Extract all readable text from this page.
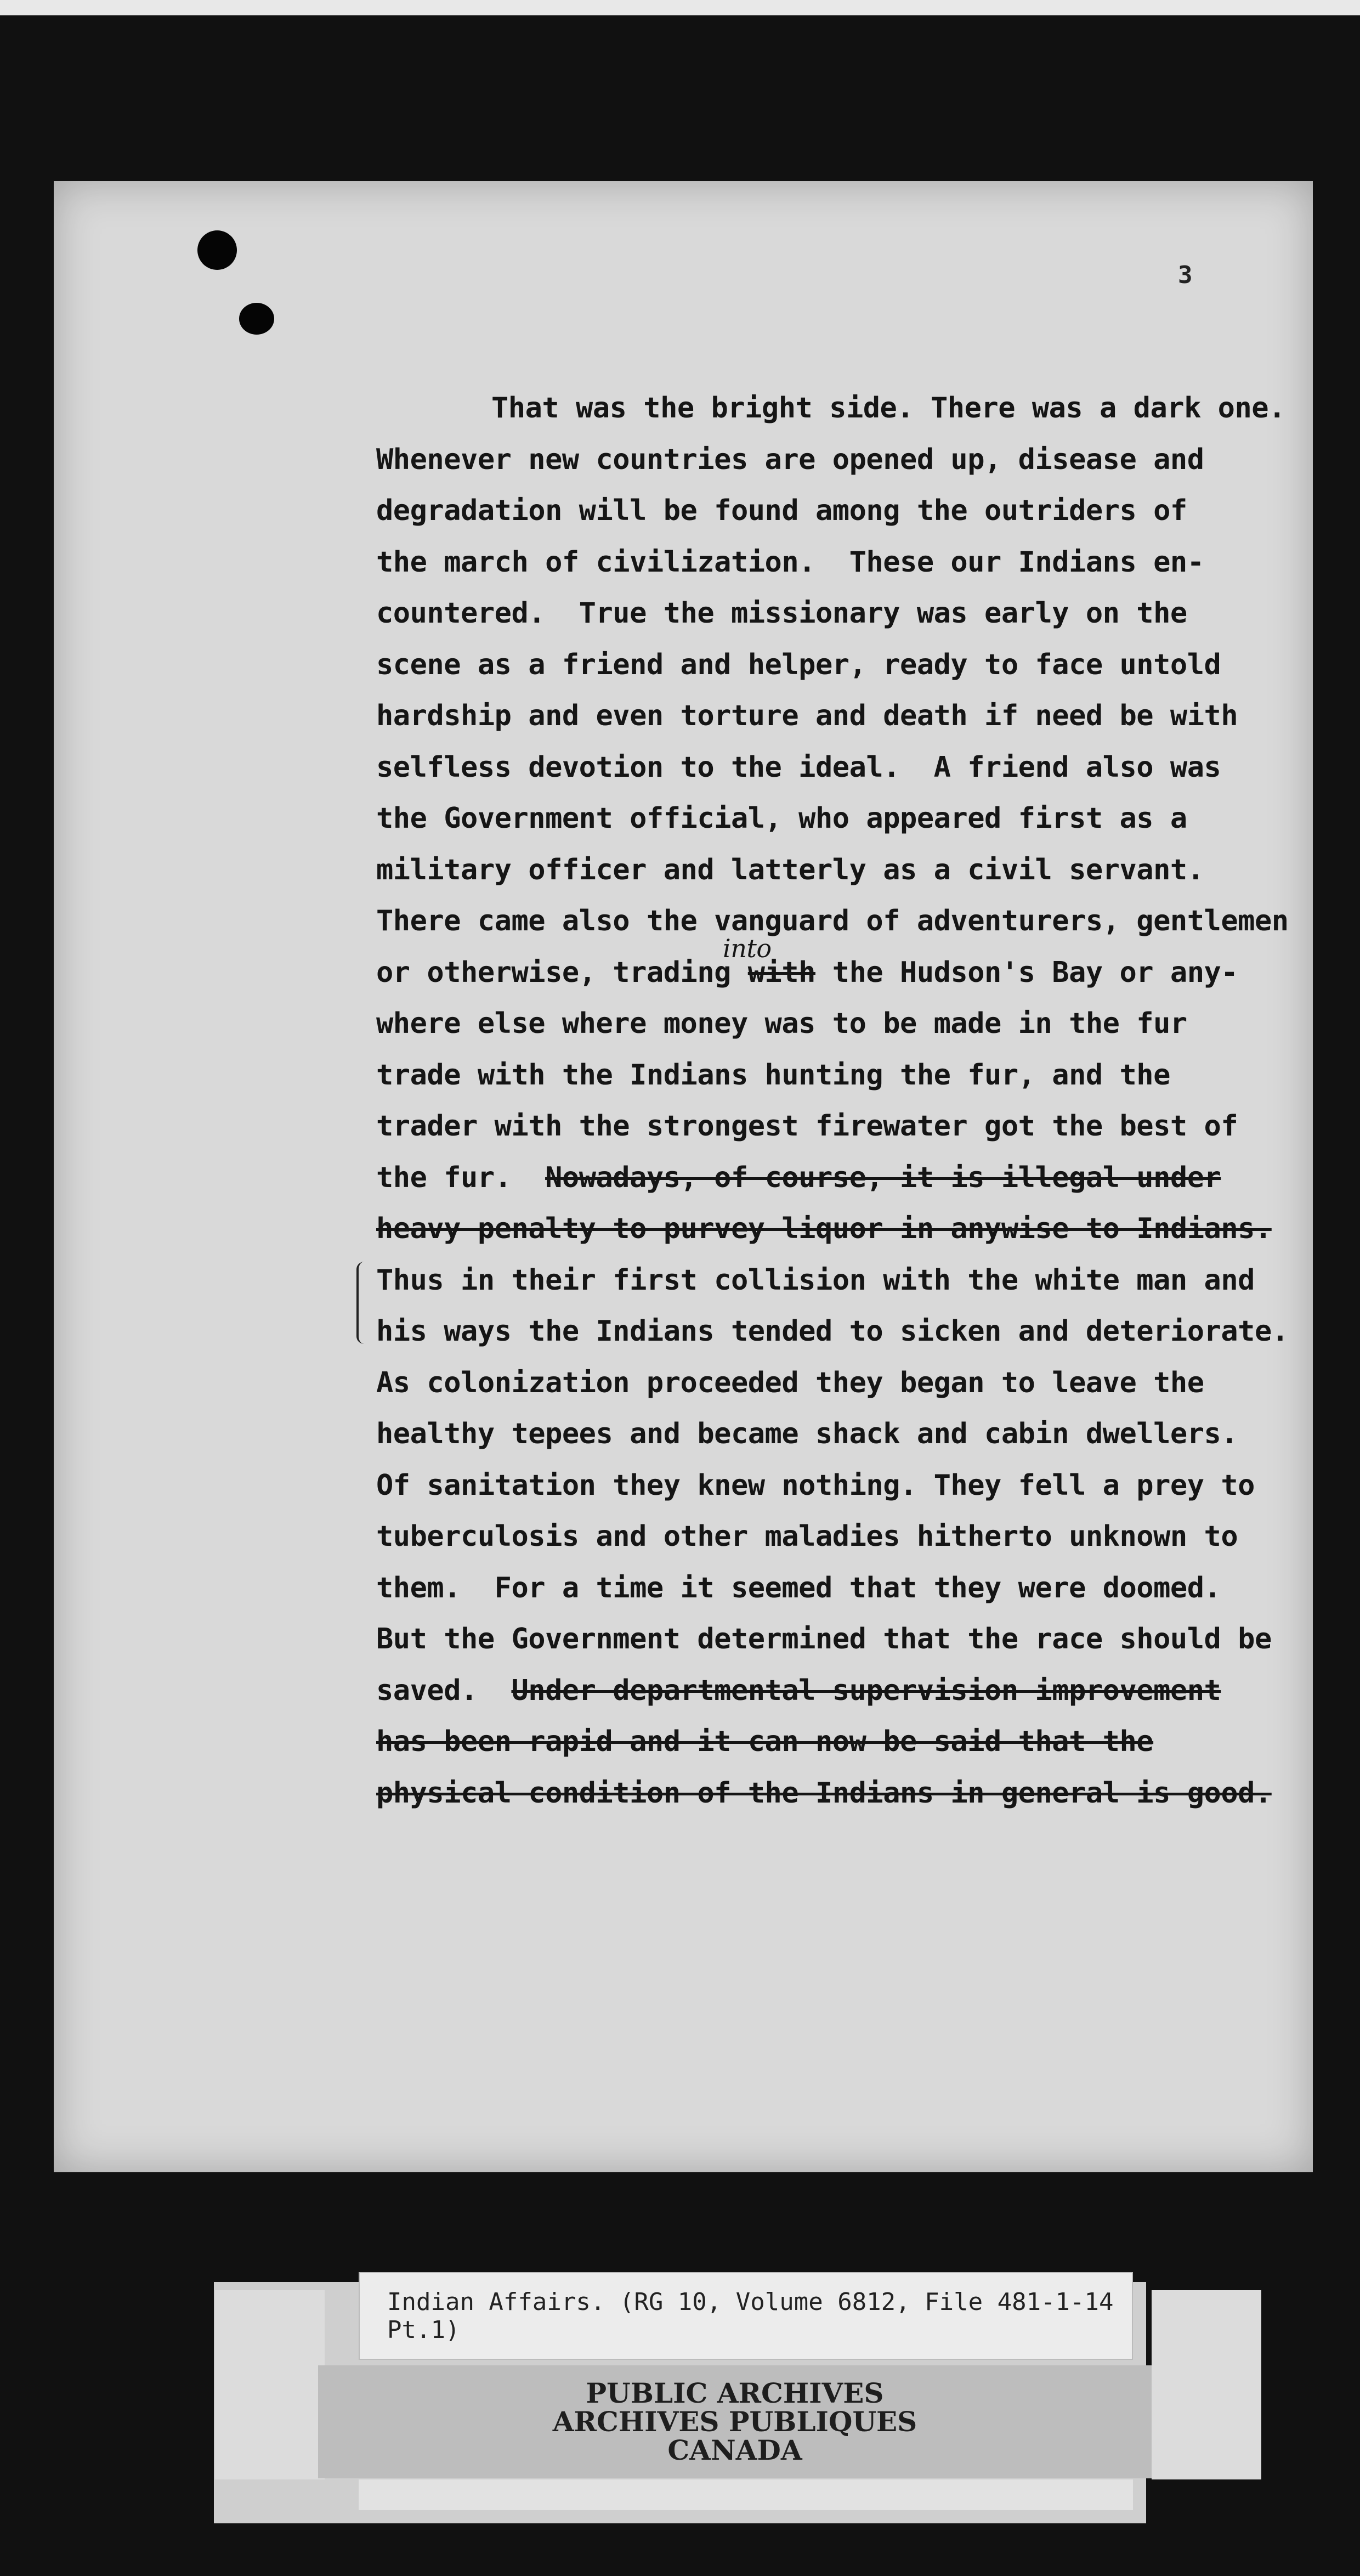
3
That was the bright side. There was a dark one.
Whenever new countries are opened up, disease and
degradation will be found among the outriders of
the march of civilization.  These our Indians en-
countered.  True the missionary was early on the
scene as a friend and helper, ready to face untold
hardship and even torture and death if need be with
selfless devotion to the ideal.  A friend also was
the Government official, who appeared first as a
military officer and latterly as a civil servant.
There came also the vanguard of adventurers, gentlemen
or otherwise, trading with the Hudson's Bay or any-
into
where else where money was to be made in the fur
trade with the Indians hunting the fur, and the
trader with the strongest firewater got the best of
the fur.  Nowadays, of course, it is illegal under
heavy penalty to purvey liquor in anywise to Indians.
Thus in their first collision with the white man and
his ways the Indians tended to sicken and deteriorate.
As colonization proceeded they began to leave the
healthy tepees and became shack and cabin dwellers.
Of sanitation they knew nothing. They fell a prey to
tuberculosis and other maladies hitherto unknown to
them.  For a time it seemed that they were doomed.
But the Government determined that the race should be
saved.  Under departmental supervision improvement
has been rapid and it can now be said that the
physical condition of the Indians in general is good.
Indian Affairs. (RG 10, Volume 6812, File 481-1-14 Pt.1)
PUBLIC ARCHIVES
ARCHIVES PUBLIQUES
CANADA
